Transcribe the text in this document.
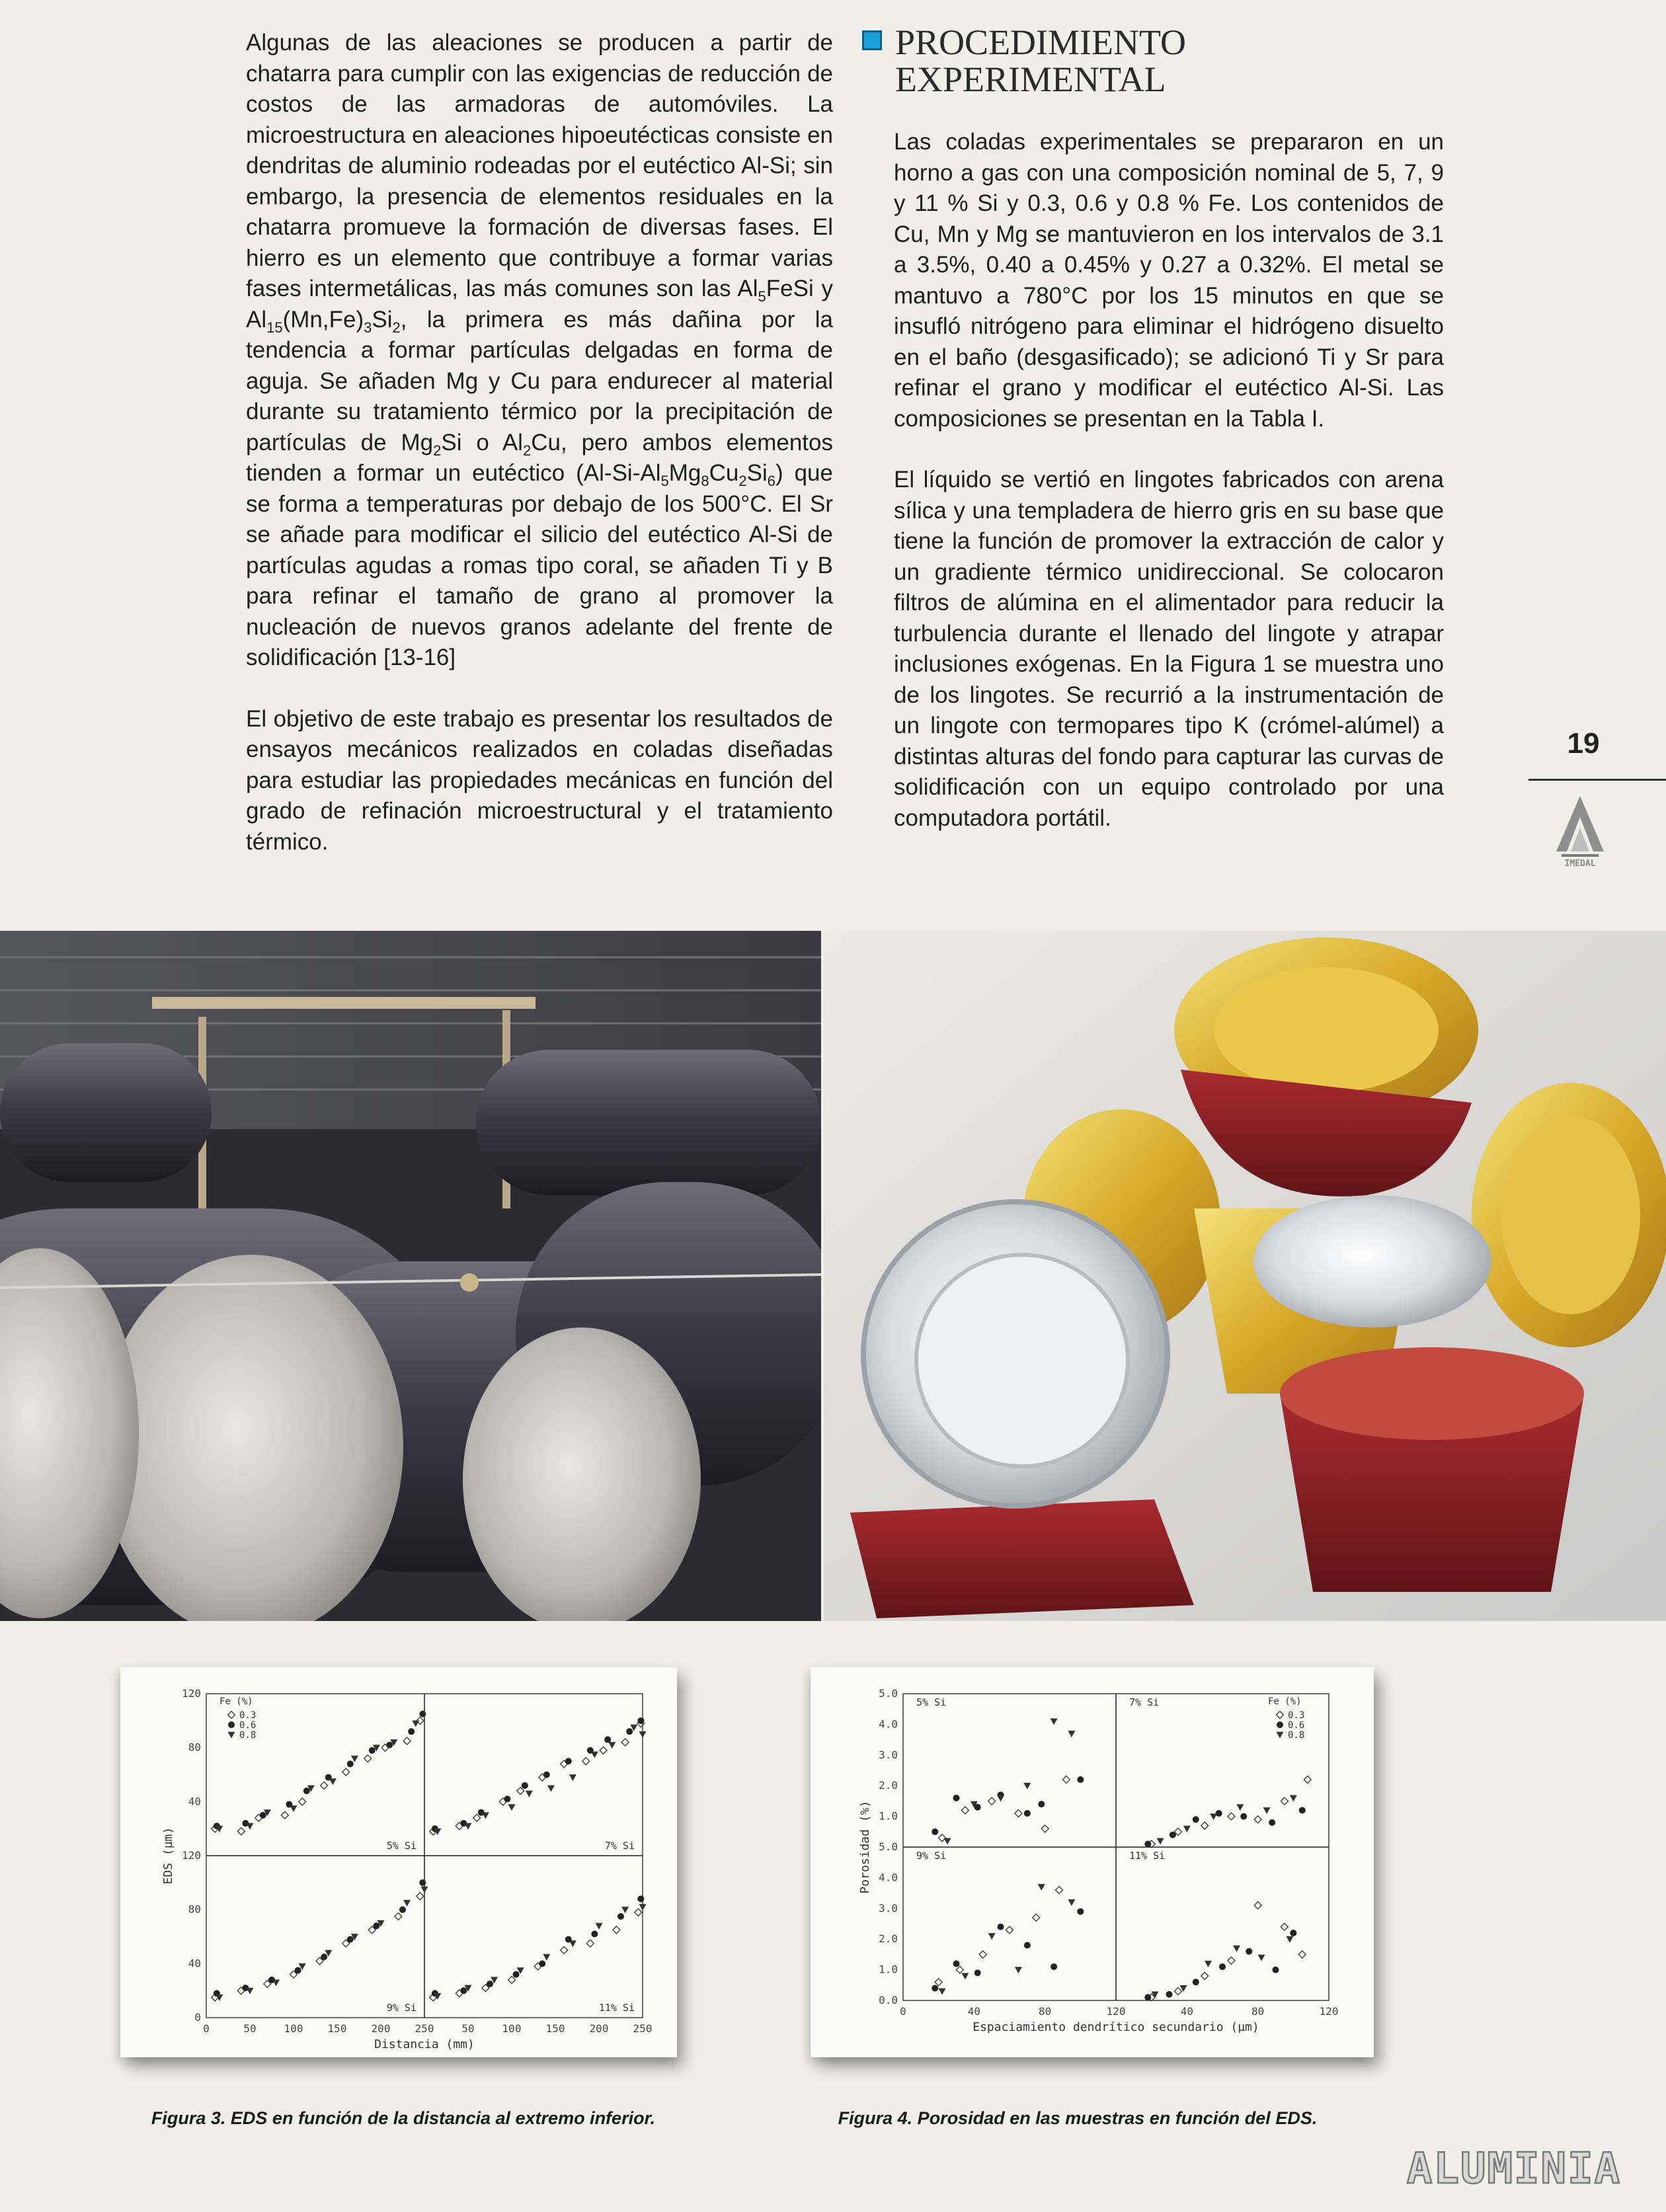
Algunas de las aleaciones se producen a partir de chatarra para cumplir con las exigencias de reducción de costos de las armadoras de automóviles. La microestructura en aleaciones hipoeutécticas consiste en dendritas de aluminio rodeadas por el eutéctico Al-Si; sin embargo, la presencia de elementos residuales en la chatarra promueve la formación de diversas fases. El hierro es un elemento que contribuye a formar varias fases intermetálicas, las más comunes son las $Al_5FeSi$ y $Al_{15}(Mn,Fe)_3Si_2$, la primera es más dañina por la tendencia a formar partículas delgadas en forma de aguja. Se añaden Mg y Cu para endurecer al material durante su tratamiento térmico por la precipitación de partículas de $Mg_2Si$ o $Al_2Cu$, pero ambos elementos tienden a formar un eutéctico $(Al-Si-Al_5Mg_8Cu_2Si_6)$ que se forma a temperaturas por debajo de los 500°C. El Sr se añade para modificar el silicio del eutéctico Al-Si de partículas agudas a romas tipo coral, se añaden Ti y B para refinar el tamaño de grano al promover la nucleación de nuevos granos adelante del frente de solidificación [13-16]

El objetivo de este trabajo es presentar los resultados de ensayos mecánicos realizados en coladas diseñadas para estudiar las propiedades mecánicas en función del grado de refinación microestructural y el tratamiento térmico.

PROCEDIMIENTO
EXPERIMENTAL

Las coladas experimentales se prepararon en un horno a gas con una composición nominal de 5, 7, 9 y 11 % Si y 0.3, 0.6 y 0.8 % Fe. Los contenidos de Cu, Mn y Mg se mantuvieron en los intervalos de 3.1 a 3.5%, 0.40 a 0.45% y 0.27 a 0.32%. El metal se mantuvo a 780°C por los 15 minutos en que se insufló nitrógeno para eliminar el hidrógeno disuelto en el baño (desgasificado); se adicionó Ti y Sr para refinar el grano y modificar el eutéctico Al-Si. Las composiciones se presentan en la Tabla I.

El líquido se vertió en lingotes fabricados con arena sílica y una templadera de hierro gris en su base que tiene la función de promover la extracción de calor y un gradiente térmico unidireccional. Se colocaron filtros de alúmina en el alimentador para reducir la turbulencia durante el llenado del lingote y atrapar inclusiones exógenas. En la Figura 1 se muestra uno de los lingotes. Se recurrió a la instrumentación de un lingote con termopares tipo K (crómel-alúmel) a distintas alturas del fondo para capturar las curvas de solidificación con un equipo controlado por una computadora portátil.

19
IMEDAL
5% Si	7% Si
9% Si	11% Si
40
80
120
0
40
80
120
0	50	100 150 200 250	50	100 150 200 250
Distancia (mm)
EDS (µm)
Fe (%)
0.3
0.6
0.8
Figura 3. EDS en función de la distancia al extremo inferior.
5% Si	7% Si
9% Si	11% Si
1.0
2.0
3.0
4.0
5.0
0.0
1.0
2.0
3.0
4.0
5.0
0	40	80	120	40	80	120
Espaciamiento dendrítico secundario (µm)
Porosidad (%)
Fe (%)
0.3
0.6
0.8
Figura 4. Porosidad en las muestras en función del EDS.
ALUMINIA
